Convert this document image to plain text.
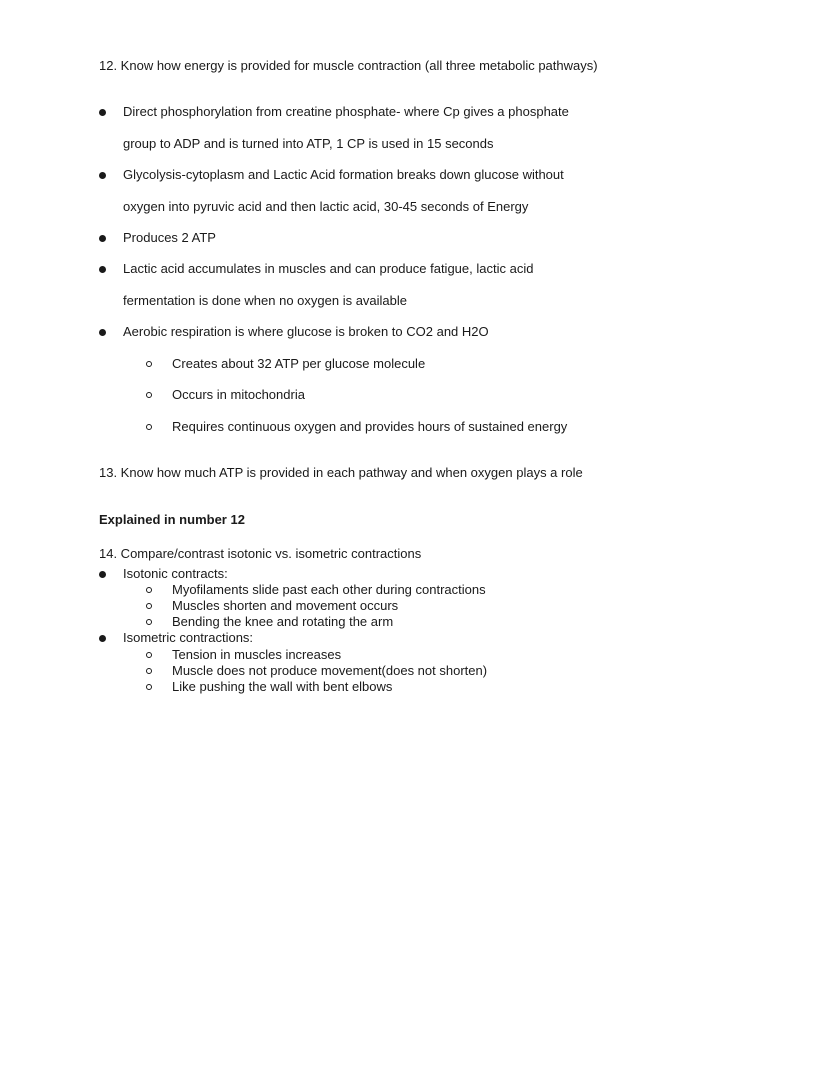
12. Know how energy is provided for muscle contraction (all three metabolic pathways)
Direct phosphorylation from creatine phosphate- where Cp gives a phosphate
group to ADP and is turned into ATP, 1 CP is used in 15 seconds
Glycolysis-cytoplasm and Lactic Acid formation breaks down glucose without
oxygen into pyruvic acid and then lactic acid, 30-45 seconds of Energy
Produces 2 ATP
Lactic acid accumulates in muscles and can produce fatigue, lactic acid
fermentation is done when no oxygen is available
Aerobic respiration is where glucose is broken to CO2 and H2O
Creates about 32 ATP per glucose molecule
Occurs in mitochondria
Requires continuous oxygen and provides hours of sustained energy
13. Know how much ATP is provided in each pathway and when oxygen plays a role
Explained in number 12
14. Compare/contrast isotonic vs. isometric contractions
Isotonic contracts:
Myofilaments slide past each other during contractions
Muscles shorten and movement occurs
Bending the knee and rotating the arm
Isometric contractions:
Tension in muscles increases
Muscle does not produce movement(does not shorten)
Like pushing the wall with bent elbows
